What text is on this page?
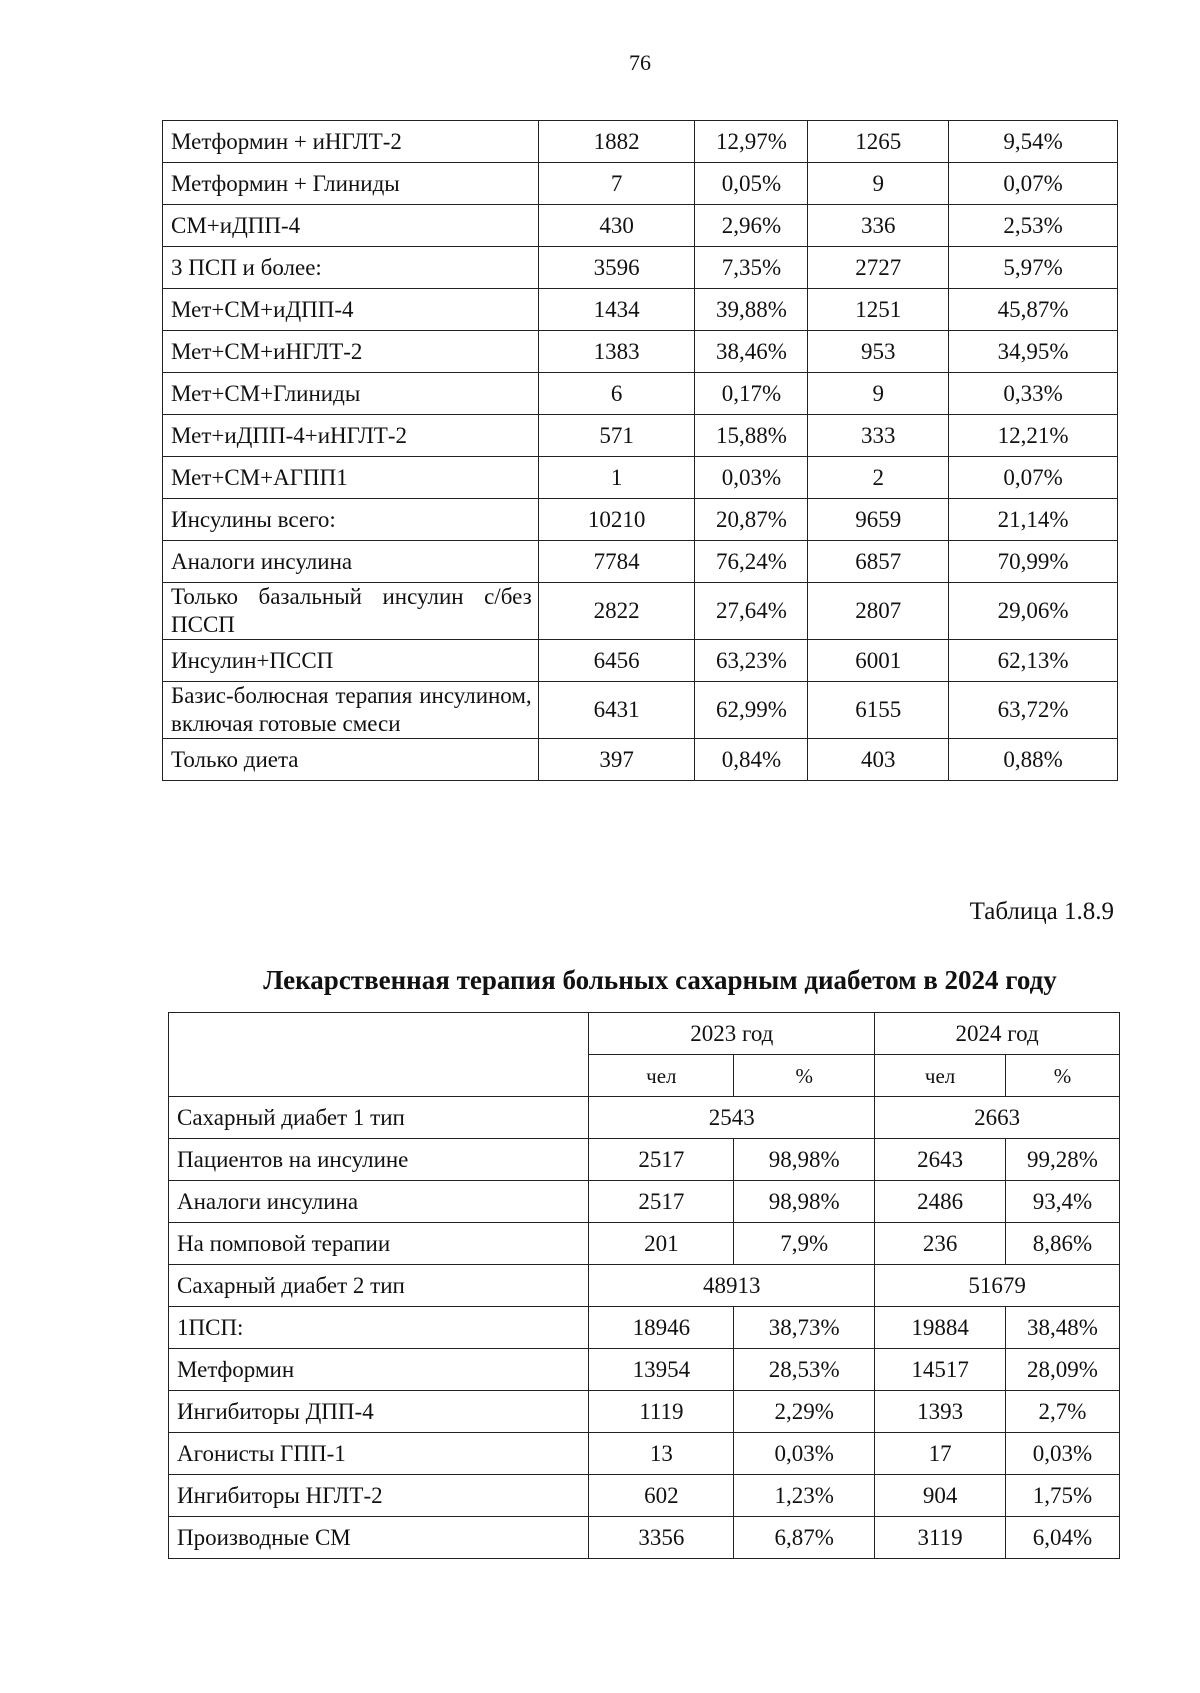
76
Метформин + иНГЛТ-2	1882	12,97%	1265	9,54%
Метформин + Глиниды	7	0,05%	9	0,07%
СМ+иДПП-4	430	2,96%	336	2,53%
3 ПСП и более:	3596	7,35%	2727	5,97%
Мет+СМ+иДПП-4	1434	39,88%	1251	45,87%
Мет+СМ+иНГЛТ-2	1383	38,46%	953	34,95%
Мет+СМ+Глиниды	6	0,17%	9	0,33%
Мет+иДПП-4+иНГЛТ-2	571	15,88%	333	12,21%
Мет+СМ+АГПП1	1	0,03%	2	0,07%
Инсулины всего:	10210	20,87%	9659	21,14%
Аналоги инсулина	7784	76,24%	6857	70,99%
Только базальный инсулин с/без ПССП	2822	27,64%	2807	29,06%
Инсулин+ПССП	6456	63,23%	6001	62,13%
Базис-болюсная терапия инсулином, включая готовые смеси	6431	62,99%	6155	63,72%
Только диета	397	0,84%	403	0,88%
Таблица 1.8.9
Лекарственная терапия больных сахарным диабетом в 2024 году
	2023 год		2024 год	
	чел	%	чел	%
Сахарный диабет 1 тип	2543		2663	
Пациентов на инсулине	2517	98,98%	2643	99,28%
Аналоги инсулина	2517	98,98%	2486	93,4%
На помповой терапии	201	7,9%	236	8,86%
Сахарный диабет 2 тип	48913		51679	
1ПСП:	18946	38,73%	19884	38,48%
Метформин	13954	28,53%	14517	28,09%
Ингибиторы ДПП-4	1119	2,29%	1393	2,7%
Агонисты ГПП-1	13	0,03%	17	0,03%
Ингибиторы НГЛТ-2	602	1,23%	904	1,75%
Производные СМ	3356	6,87%	3119	6,04%
